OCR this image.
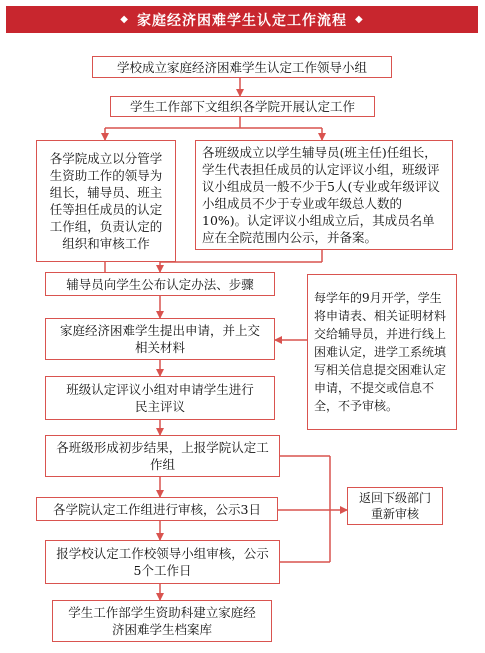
◆ 家庭经济困难学生认定工作流程 ◆
学校成立家庭经济困难学生认定工作领导小组
学生工作部下文组织各学院开展认定工作
各学院成立以分管学生资助工作的领导为组长，辅导员、班主任等担任成员的认定工作组，负责认定的组织和审核工作
各班级成立以学生辅导员(班主任)任组长，学生代表担任成员的认定评议小组，班级评议小组成员一般不少于5人(专业或年级评议小组成员不少于专业或年级总人数的10%)。认定评议小组成立后，其成员名单应在全院范围内公示，并备案。
辅导员向学生公布认定办法、步骤
家庭经济困难学生提出申请，并上交相关材料
班级认定评议小组对申请学生进行民主评议
各班级形成初步结果，上报学院认定工作组
各学院认定工作组进行审核，公示3日
报学校认定工作校领导小组审核，公示5个工作日
学生工作部学生资助科建立家庭经济困难学生档案库
每学年的9月开学，学生将申请表、相关证明材料交给辅导员，并进行线上困难认定，进学工系统填写相关信息提交困难认定申请，不提交或信息不全，不予审核。
返回下级部门重新审核
